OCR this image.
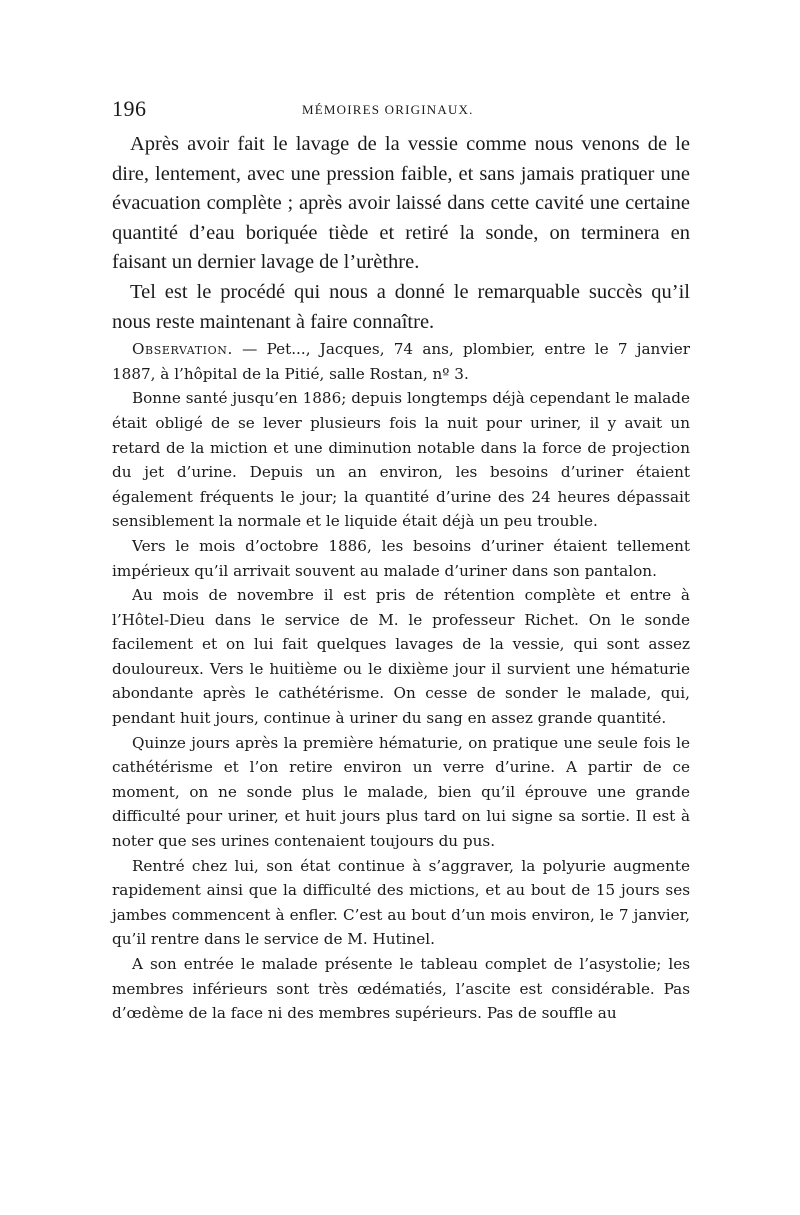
196	MÉMOIRES ORIGINAUX.

Après avoir fait le lavage de la vessie comme nous venons de le dire, lentement, avec une pression faible, et sans jamais pratiquer une évacuation complète ; après avoir laissé dans cette cavité une certaine quantité d’eau boriquée tiède et retiré la sonde, on terminera en faisant un dernier lavage de l’urèthre.

Tel est le procédé qui nous a donné le remarquable succès qu’il nous reste maintenant à faire connaître.

Observation. — Pet..., Jacques, 74 ans, plombier, entre le 7 janvier 1887, à l’hôpital de la Pitié, salle Rostan, nº 3.

Bonne santé jusqu’en 1886; depuis longtemps déjà cependant le malade était obligé de se lever plusieurs fois la nuit pour uriner, il y avait un retard de la miction et une diminution notable dans la force de projection du jet d’urine. Depuis un an environ, les besoins d’uriner étaient également fréquents le jour; la quantité d’urine des 24 heures dépassait sensiblement la normale et le liquide était déjà un peu trouble.

Vers le mois d’octobre 1886, les besoins d’uriner étaient tellement impérieux qu’il arrivait souvent au malade d’uriner dans son pantalon.

Au mois de novembre il est pris de rétention complète et entre à l’Hôtel-Dieu dans le service de M. le professeur Richet. On le sonde facilement et on lui fait quelques lavages de la vessie, qui sont assez douloureux. Vers le huitième ou le dixième jour il survient une hématurie abondante après le cathétérisme. On cesse de sonder le malade, qui, pendant huit jours, continue à uriner du sang en assez grande quantité.

Quinze jours après la première hématurie, on pratique une seule fois le cathétérisme et l’on retire environ un verre d’urine. A partir de ce moment, on ne sonde plus le malade, bien qu’il éprouve une grande difficulté pour uriner, et huit jours plus tard on lui signe sa sortie. Il est à noter que ses urines contenaient toujours du pus.

Rentré chez lui, son état continue à s’aggraver, la polyurie augmente rapidement ainsi que la difficulté des mictions, et au bout de 15 jours ses jambes commencent à enfler. C’est au bout d’un mois environ, le 7 janvier, qu’il rentre dans le service de M. Hutinel.

A son entrée le malade présente le tableau complet de l’asystolie; les membres inférieurs sont très œdématiés, l’ascite est considérable. Pas d’œdème de la face ni des membres supérieurs. Pas de souffle au
